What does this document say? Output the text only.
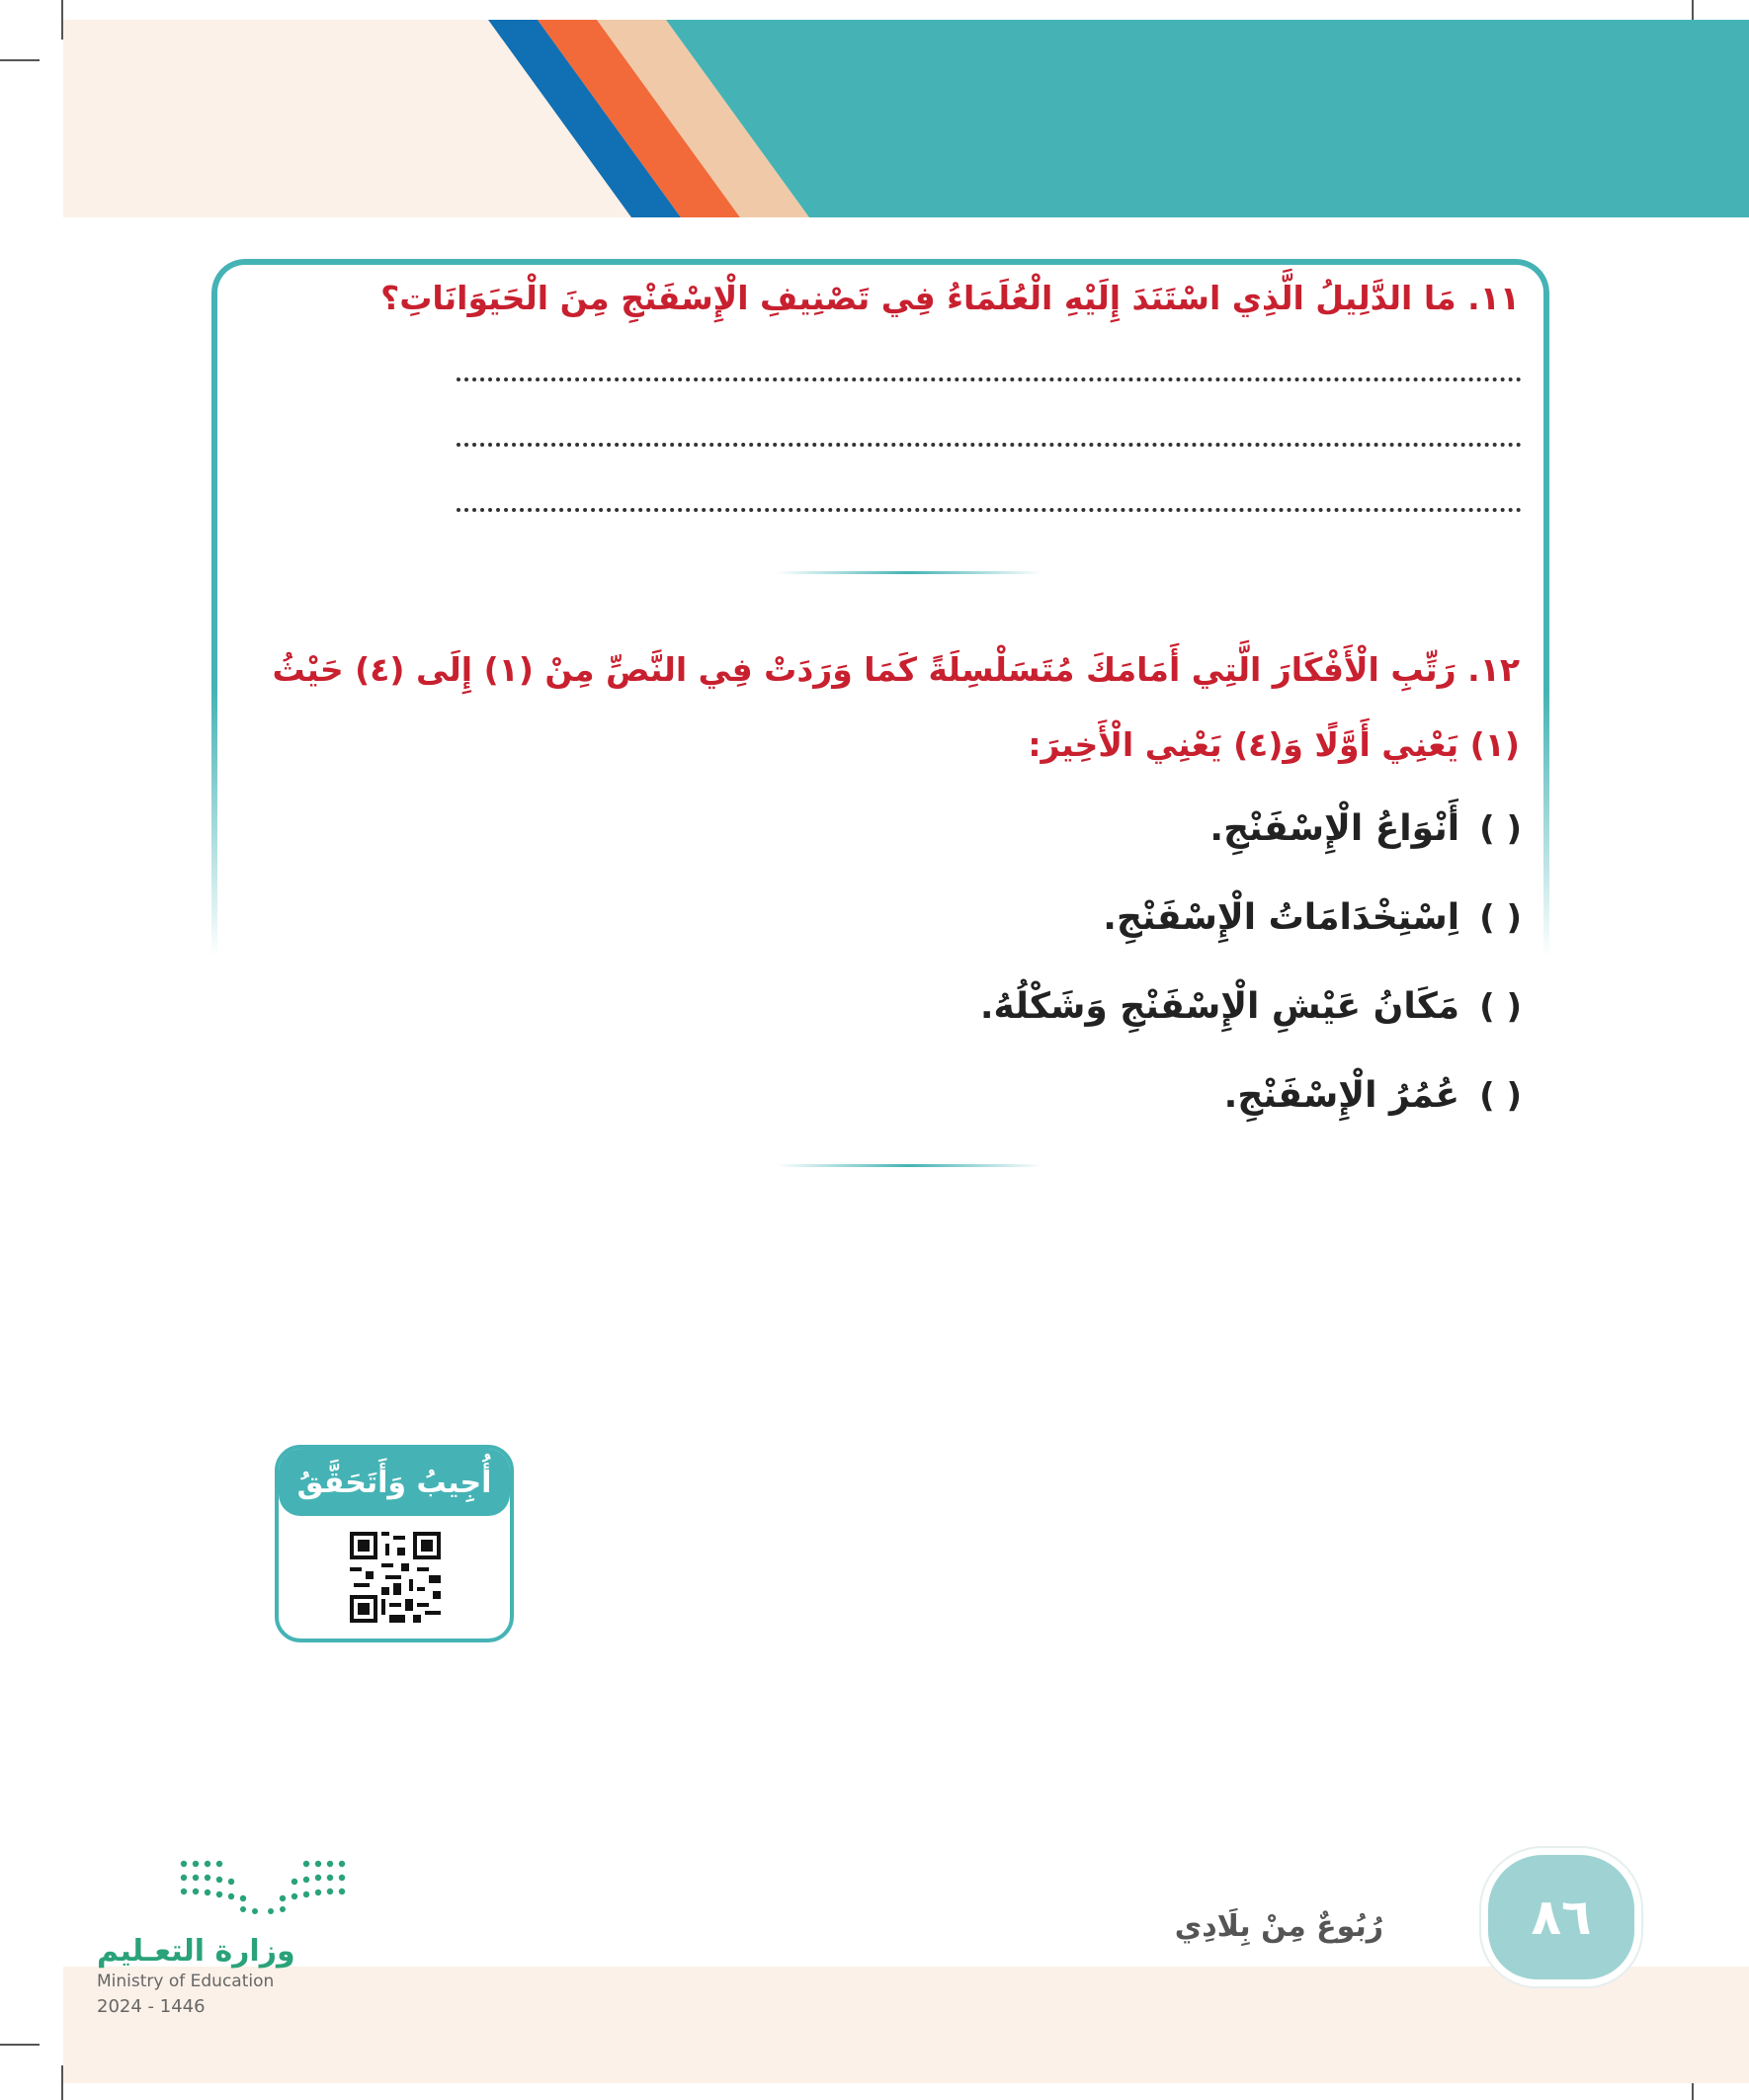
١١. مَا الدَّلِيلُ الَّذِي اسْتَنَدَ إِلَيْهِ الْعُلَمَاءُ فِي تَصْنِيفِ الْإِسْفَنْجِ مِنَ الْحَيَوَانَاتِ؟
١٢. رَتِّبِ الْأَفْكَارَ الَّتِي أَمَامَكَ مُتَسَلْسِلَةً كَمَا وَرَدَتْ فِي النَّصِّ مِنْ (١) إِلَى (٤) حَيْثُ (١) يَعْنِي أَوَّلًا وَ(٤) يَعْنِي الْأَخِيرَ:
( )
أَنْوَاعُ الْإِسْفَنْجِ.
( )
اِسْتِخْدَامَاتُ الْإِسْفَنْجِ.
( )
مَكَانُ عَيْشِ الْإِسْفَنْجِ وَشَكْلُهُ.
( )
عُمُرُ الْإِسْفَنْجِ.
أُجِيبُ وَأَتَحَقَّقُ
رُبُوعٌ مِنْ بِلَادِي	٨٦
وزارة التعـليم
Ministry of Education
2024 - 1446
